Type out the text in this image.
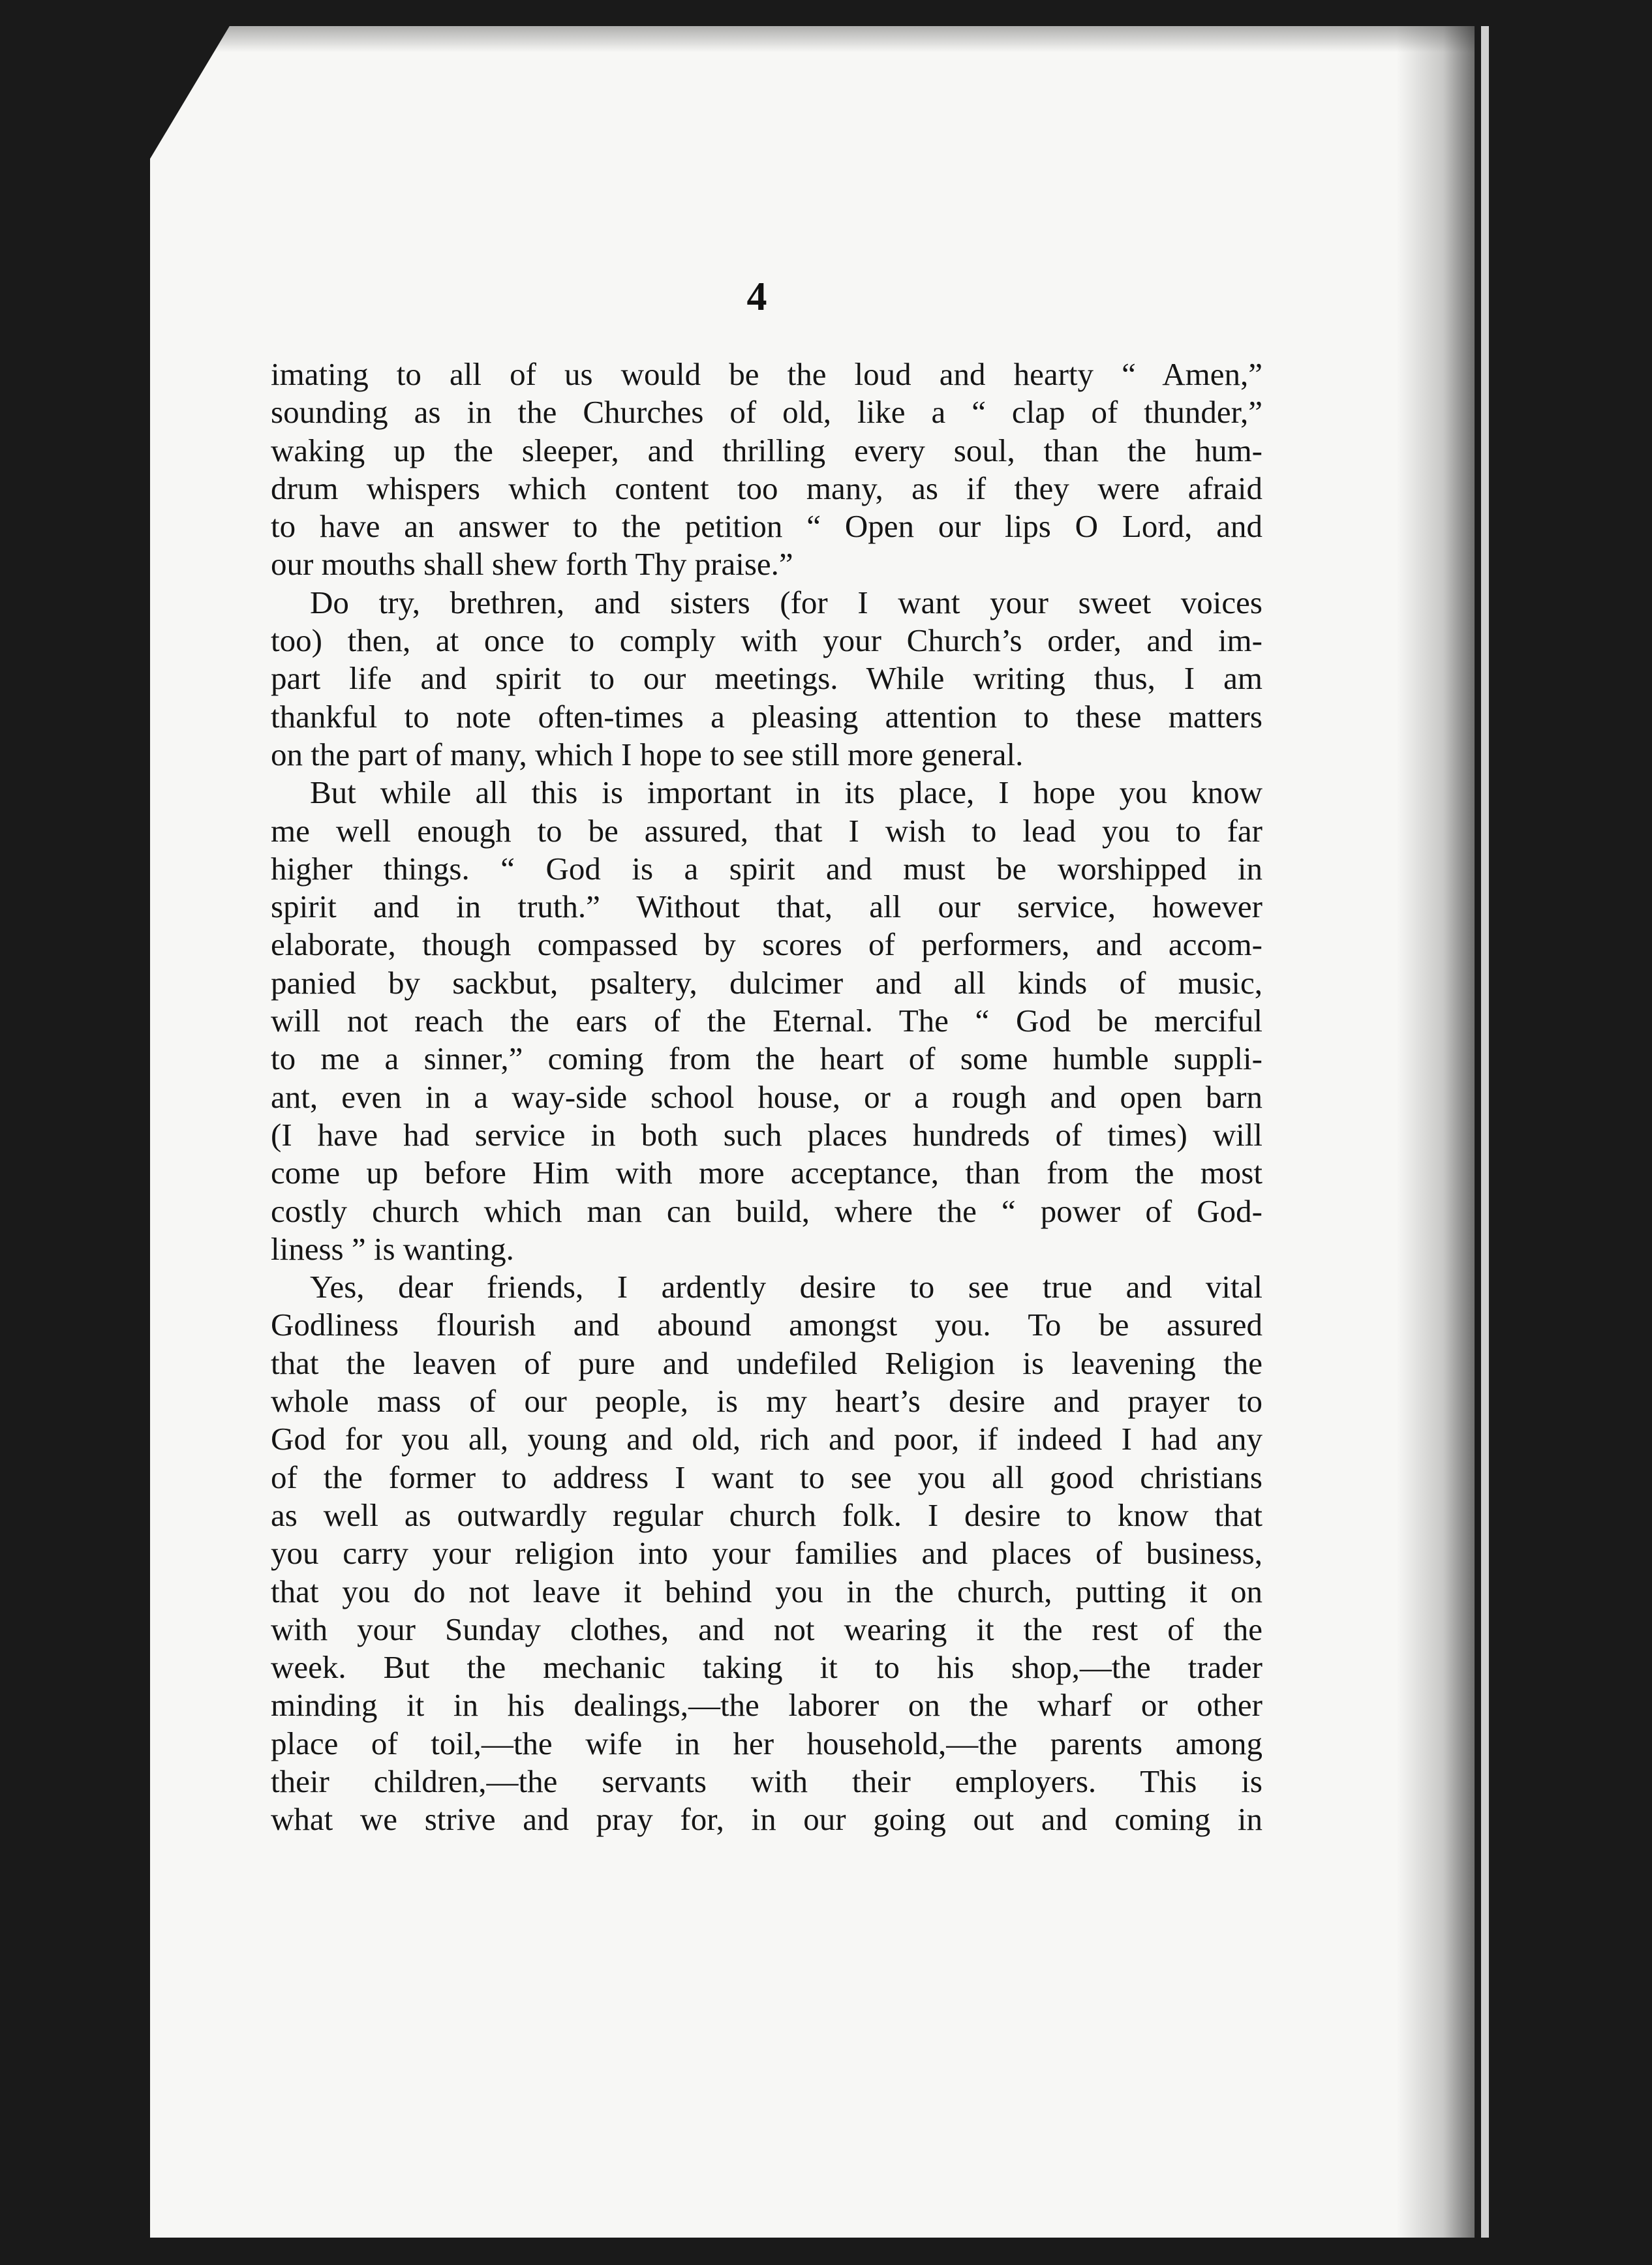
4
imating to all of us would be the loud and hearty “ Amen,”
sounding as in the Churches of old, like a “ clap of thunder,”
waking up the sleeper, and thrilling every soul, than the hum-
drum whispers which content too many, as if they were afraid
to have an answer to the petition “ Open our lips O Lord, and
our mouths shall shew forth Thy praise.”
Do try, brethren, and sisters (for I want your sweet voices
too) then, at once to comply with your Church’s order, and im-
part life and spirit to our meetings. While writing thus, I am
thankful to note often-times a pleasing attention to these matters
on the part of many, which I hope to see still more general.
But while all this is important in its place, I hope you know
me well enough to be assured, that I wish to lead you to far
higher things. “ God is a spirit and must be worshipped in
spirit and in truth.” Without that, all our service, however
elaborate, though compassed by scores of performers, and accom-
panied by sackbut, psaltery, dulcimer and all kinds of music,
will not reach the ears of the Eternal. The “ God be merciful
to me a sinner,” coming from the heart of some humble suppli-
ant, even in a way-side school house, or a rough and open barn
(I have had service in both such places hundreds of times) will
come up before Him with more acceptance, than from the most
costly church which man can build, where the “ power of God-
liness ” is wanting.
Yes, dear friends, I ardently desire to see true and vital
Godliness flourish and abound amongst you. To be assured
that the leaven of pure and undefiled Religion is leavening the
whole mass of our people, is my heart’s desire and prayer to
God for you all, young and old, rich and poor, if indeed I had any
of the former to address I want to see you all good christians
as well as outwardly regular church folk. I desire to know that
you carry your religion into your families and places of business,
that you do not leave it behind you in the church, putting it on
with your Sunday clothes, and not wearing it the rest of the
week. But the mechanic taking it to his shop,—the trader
minding it in his dealings,—the laborer on the wharf or other
place of toil,—the wife in her household,—the parents among
their children,—the servants with their employers. This is
what we strive and pray for, in our going out and coming in
